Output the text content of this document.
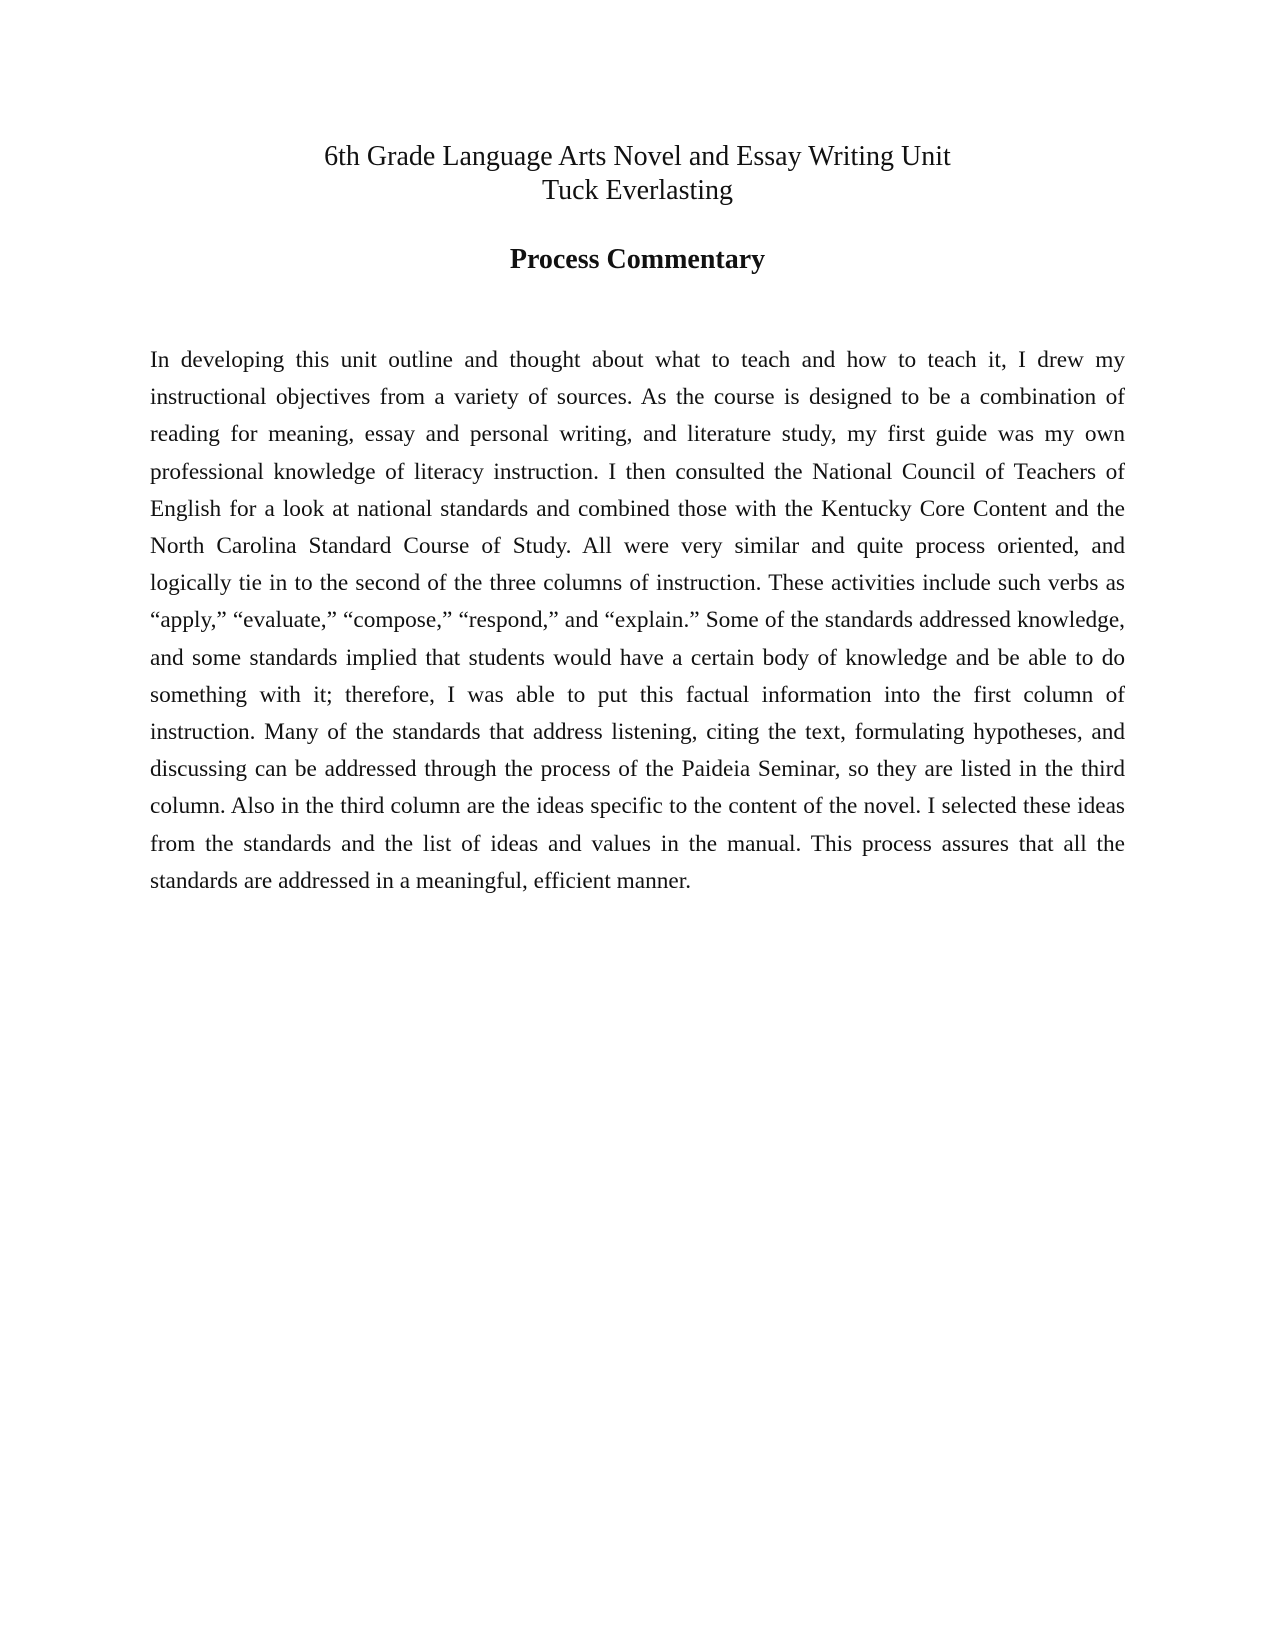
6th Grade Language Arts Novel and Essay Writing Unit

Tuck Everlasting

Process Commentary

In developing this unit outline and thought about what to teach and how to teach it, I drew my instructional objectives from a variety of sources. As the course is designed to be a combination of reading for meaning, essay and personal writing, and literature study, my first guide was my own professional knowledge of literacy instruction. I then consulted the National Council of Teachers of English for a look at national standards and combined those with the Kentucky Core Content and the North Carolina Standard Course of Study. All were very similar and quite process oriented, and logically tie in to the second of the three columns of instruction. These activities include such verbs as “apply,” “evaluate,” “compose,” “respond,” and “explain.” Some of the standards addressed knowledge, and some standards implied that students would have a certain body of knowledge and be able to do something with it; therefore, I was able to put this factual information into the first column of instruction. Many of the standards that address listening, citing the text, formulating hypotheses, and discussing can be addressed through the process of the Paideia Seminar, so they are listed in the third column. Also in the third column are the ideas specific to the content of the novel. I selected these ideas from the standards and the list of ideas and values in the manual. This process assures that all the standards are addressed in a meaningful, efficient manner.
